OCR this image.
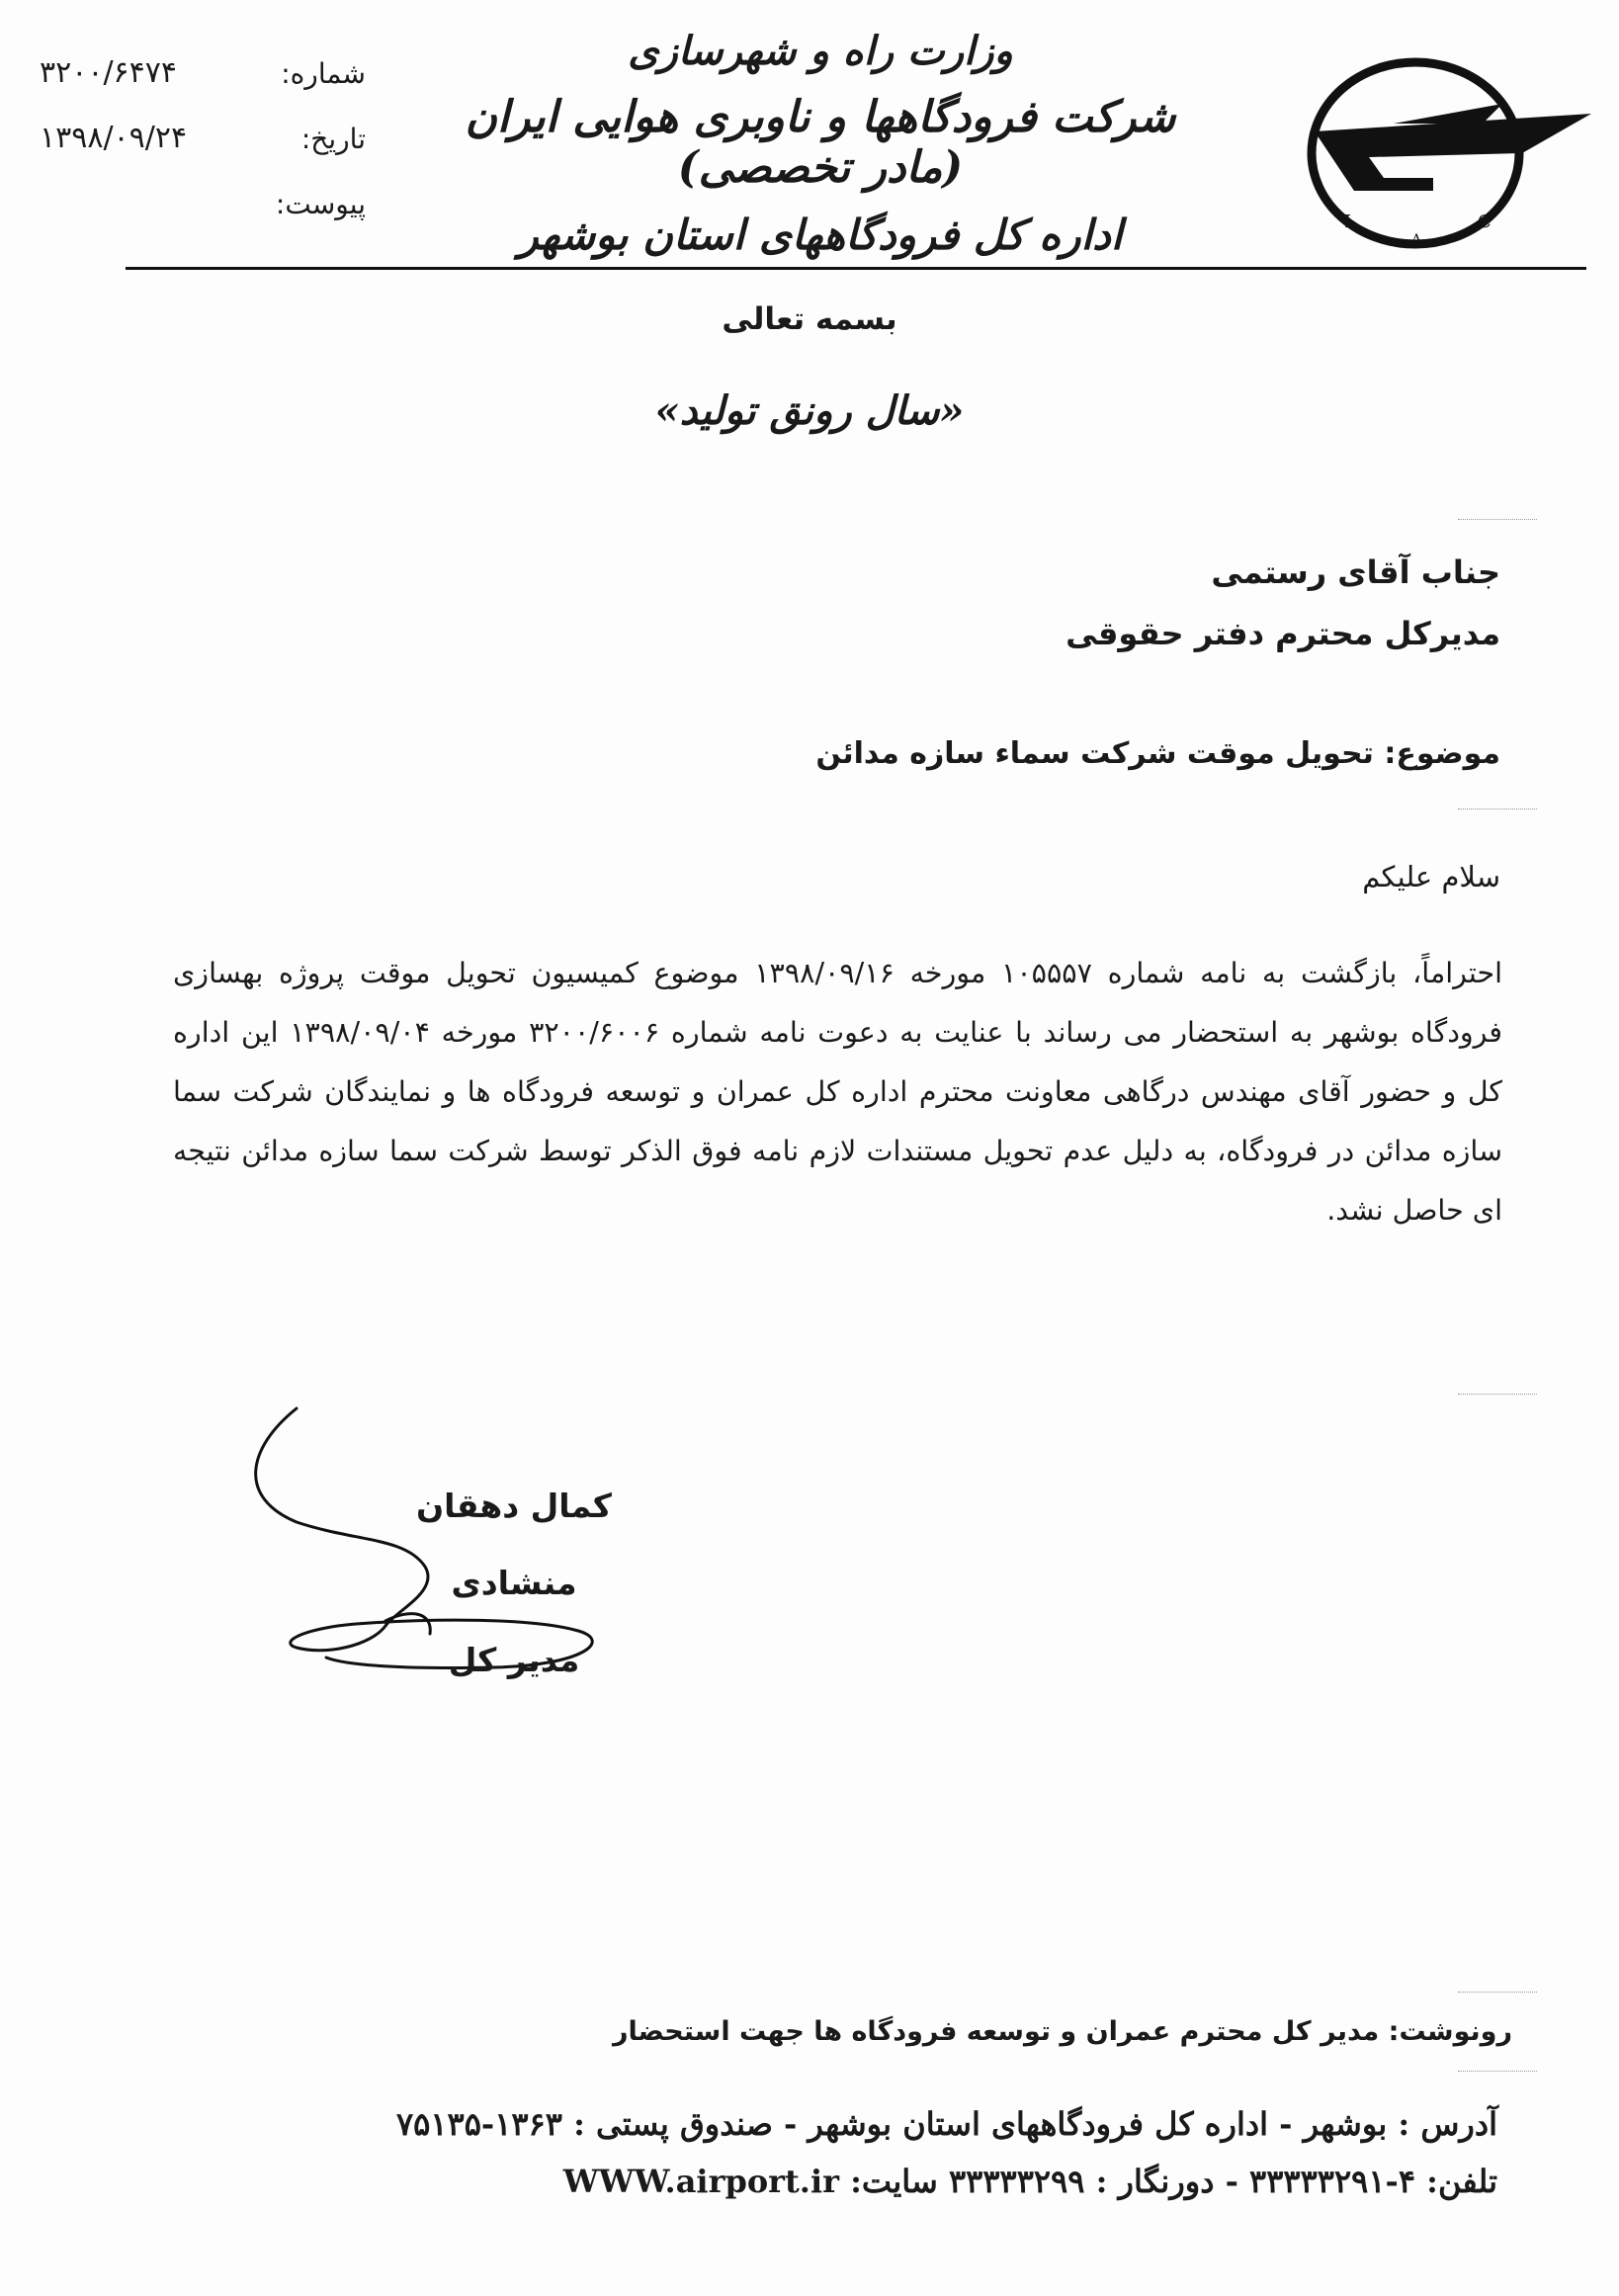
I
A
C
وزارت راه و شهرسازی
شرکت فرودگاهها و ناوبری هوایی ایران (مادر تخصصی)
اداره کل فرودگاههای استان بوشهر
شماره:
۳۲۰۰/۶۴۷۴
تاریخ:
۱۳۹۸/۰۹/۲۴
پیوست:
بسمه تعالی
«سال رونق تولید»
جناب آقای رستمی
مدیرکل محترم دفتر حقوقی
موضوع: تحویل موقت شرکت سماء سازه مدائن
سلام علیکم
احتراماً، بازگشت به نامه شماره ۱۰۵۵۵۷ مورخه ۱۳۹۸/۰۹/۱۶ موضوع کمیسیون تحویل موقت پروژه بهسازی فرودگاه بوشهر به استحضار می رساند با عنایت به دعوت نامه شماره ۳۲۰۰/۶۰۰۶ مورخه ۱۳۹۸/۰۹/۰۴ این اداره کل و حضور آقای مهندس درگاهی معاونت محترم اداره کل عمران و توسعه فرودگاه ها و نمایندگان شرکت سما سازه مدائن در فرودگاه، به دلیل عدم تحویل مستندات لازم نامه فوق الذکر توسط شرکت سما سازه مدائن نتیجه ای حاصل نشد.
کمال دهقان منشادی
مدیر کل
رونوشت: مدیر کل محترم عمران و توسعه فرودگاه ها جهت استحضار
آدرس : بوشهر - اداره کل فرودگاههای استان بوشهر - صندوق پستی : ۱۳۶۳-۷۵۱۳۵
تلفن: ۴-۳۳۳۳۳۲۹۱ - دورنگار : ۳۳۳۳۳۲۹۹ سایت: WWW.airport.ir
